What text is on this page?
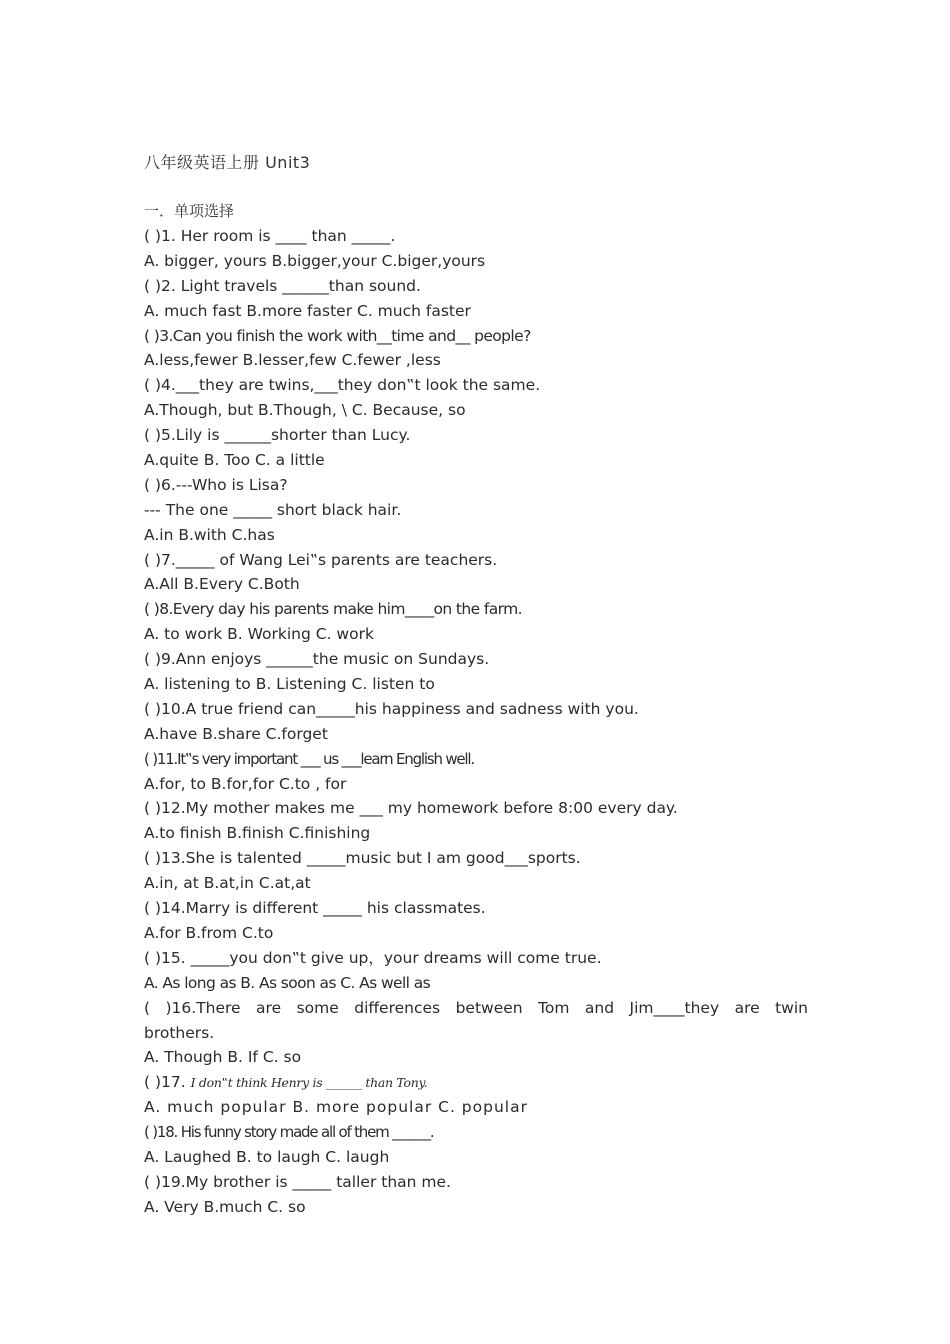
八年级英语上册 Unit3
一．单项选择
( )1. Her room is ____ than _____.
A. bigger, yours B.bigger,your C.biger,yours
( )2. Light travels ______than sound.
A. much fast B.more faster C. much faster
( )3.Can you finish the work with__time and__ people?
A.less,fewer B.lesser,few C.fewer ,less
( )4.___they are twins,___they don‟t look the same.
A.Though, but B.Though, \ C. Because, so
( )5.Lily is ______shorter than Lucy.
A.quite B. Too C. a little
( )6.---Who is Lisa?
--- The one _____ short black hair.
A.in B.with C.has
( )7._____ of Wang Lei‟s parents are teachers.
A.All B.Every C.Both
( )8.Every day his parents make him____on the farm.
A. to work B. Working C. work
( )9.Ann enjoys ______the music on Sundays.
A. listening to B. Listening C. listen to
( )10.A true friend can_____his happiness and sadness with you.
A.have B.share C.forget
( )11.It‟s very important ___ us ___learn English well.
A.for, to B.for,for C.to , for
( )12.My mother makes me ___ my homework before 8:00 every day.
A.to finish B.finish C.finishing
( )13.She is talented _____music but I am good___sports.
A.in, at B.at,in C.at,at
( )14.Marry is different _____ his classmates.
A.for B.from C.to
( )15. _____you don‟t give up，your dreams will come true.
A. As long as B. As soon as C. As well as
( )16.There are some differences between Tom and Jim____they are twin
brothers.
A. Though B. If C. so
( )17. I don‟t think Henry is ______ than Tony.
A. much popular B. more popular C. popular
( )18. His funny story made all of them ______.
A. Laughed B. to laugh C. laugh
( )19.My brother is _____ taller than me.
A. Very B.much C. so
